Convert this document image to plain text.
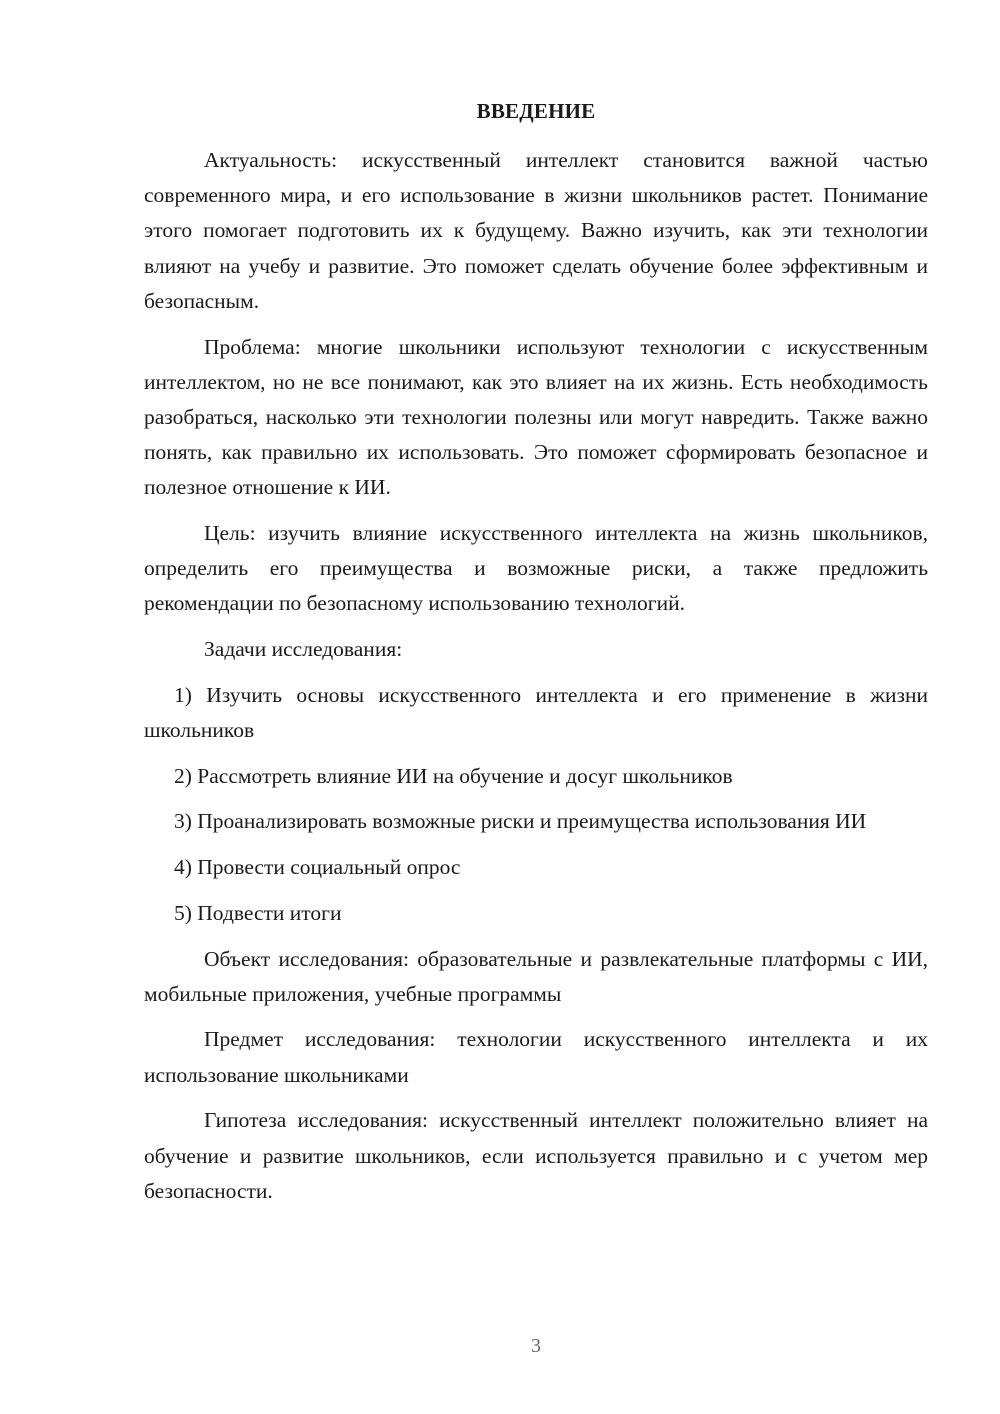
ВВЕДЕНИЕ

Актуальность: искусственный интеллект становится важной частью современного мира, и его использование в жизни школьников растет. Понимание этого помогает подготовить их к будущему. Важно изучить, как эти технологии влияют на учебу и развитие. Это поможет сделать обучение более эффективным и безопасным.

Проблема: многие школьники используют технологии с искусственным интеллектом, но не все понимают, как это влияет на их жизнь. Есть необходимость разобраться, насколько эти технологии полезны или могут навредить. Также важно понять, как правильно их использовать. Это поможет сформировать безопасное и полезное отношение к ИИ.

Цель: изучить влияние искусственного интеллекта на жизнь школьников, определить его преимущества и возможные риски, а также предложить рекомендации по безопасному использованию технологий.

Задачи исследования:

1) Изучить основы искусственного интеллекта и его применение в жизни школьников

2) Рассмотреть влияние ИИ на обучение и досуг школьников

3) Проанализировать возможные риски и преимущества использования ИИ

4) Провести социальный опрос

5) Подвести итоги

Объект исследования: образовательные и развлекательные платформы с ИИ, мобильные приложения, учебные программы

Предмет исследования: технологии искусственного интеллекта и их использование школьниками

Гипотеза исследования: искусственный интеллект положительно влияет на обучение и развитие школьников, если используется правильно и с учетом мер безопасности.

3
